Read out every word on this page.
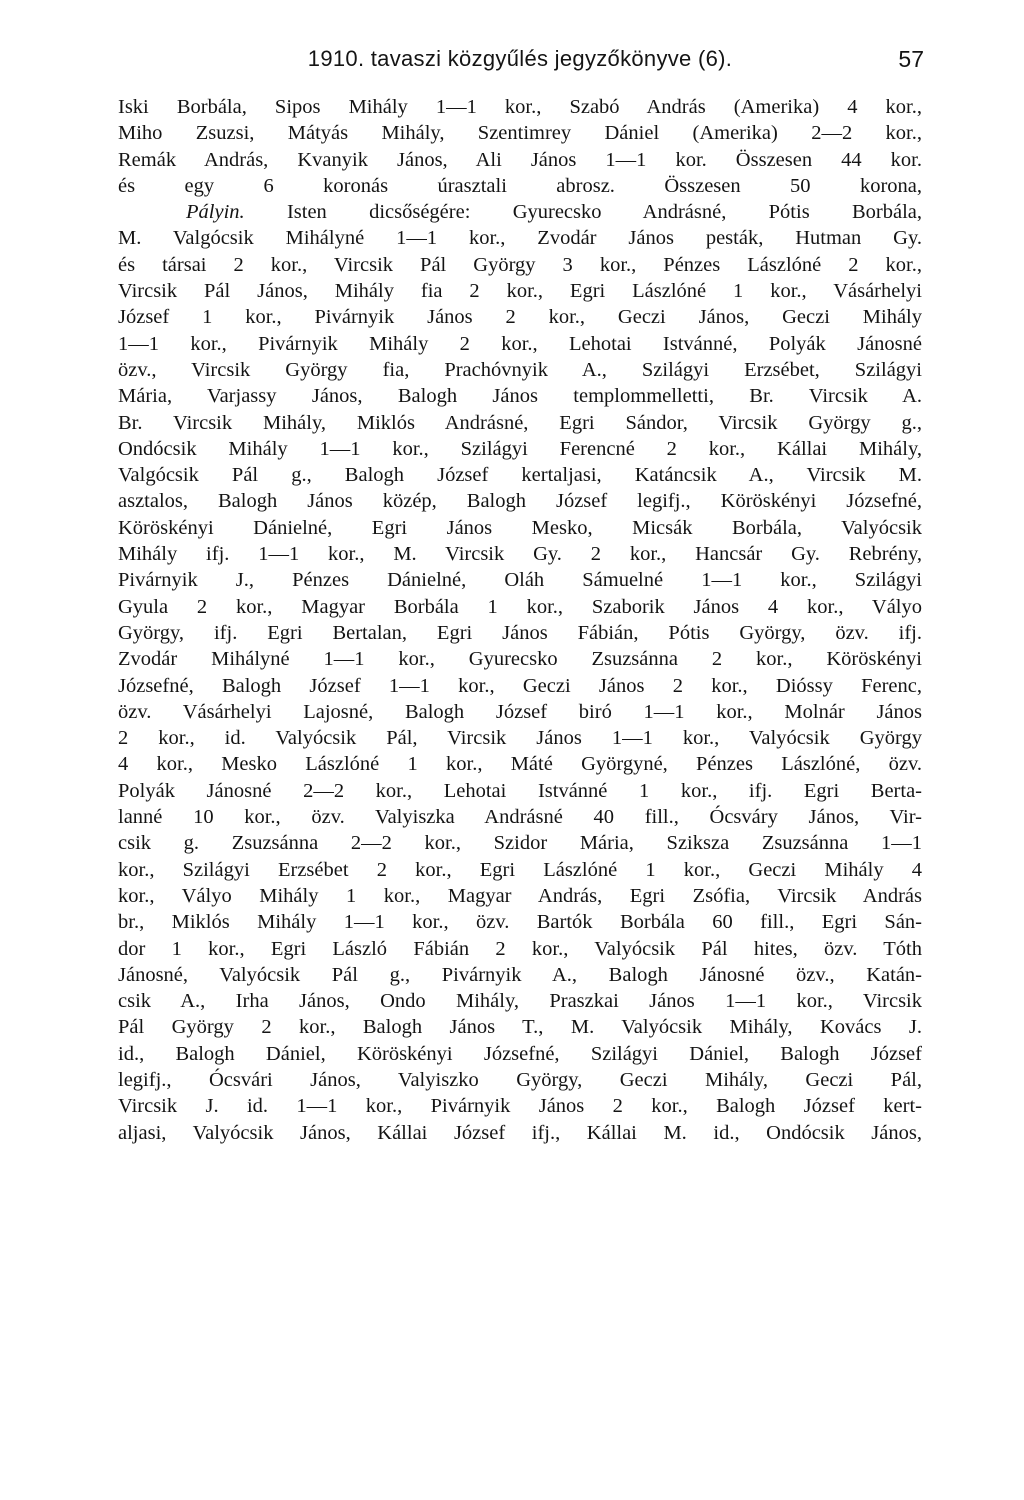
1910. tavaszi közgyűlés jegyzőkönyve (6).	57
Iski Borbála, Sipos Mihály 1—1 kor., Szabó András (Amerika) 4 kor.,
Miho Zsuzsi, Mátyás Mihály, Szentimrey Dániel (Amerika) 2—2 kor.,
Remák András, Kvanyik János, Ali János 1—1 kor. Összesen 44 kor.
és egy 6 koronás úrasztali abrosz. Összesen 50 korona,
Pályin. Isten dicsőségére: Gyurecsko Andrásné, Pótis Borbála,
M. Valgócsik Mihályné 1—1 kor., Zvodár János pesták, Hutman Gy.
és társai 2 kor., Vircsik Pál György 3 kor., Pénzes Lászlóné 2 kor.,
Vircsik Pál János, Mihály fia 2 kor., Egri Lászlóné 1 kor., Vásárhelyi
József 1 kor., Pivárnyik János 2 kor., Geczi János, Geczi Mihály
1—1 kor., Pivárnyik Mihály 2 kor., Lehotai Istvánné, Polyák Jánosné
özv., Vircsik György fia, Prachóvnyik A., Szilágyi Erzsébet, Szilágyi
Mária, Varjassy János, Balogh János templommelletti, Br. Vircsik A.
Br. Vircsik Mihály, Miklós Andrásné, Egri Sándor, Vircsik György g.,
Ondócsik Mihály 1—1 kor., Szilágyi Ferencné 2 kor., Kállai Mihály,
Valgócsik Pál g., Balogh József kertaljasi, Katáncsik A., Vircsik M.
asztalos, Balogh János közép, Balogh József legifj., Köröskényi Józsefné,
Köröskényi Dánielné, Egri János Mesko, Micsák Borbála, Valyócsik
Mihály ifj. 1—1 kor., M. Vircsik Gy. 2 kor., Hancsár Gy. Rebrény,
Pivárnyik J., Pénzes Dánielné, Oláh Sámuelné 1—1 kor., Szilágyi
Gyula 2 kor., Magyar Borbála 1 kor., Szaborik János 4 kor., Vályo
György, ifj. Egri Bertalan, Egri János Fábián, Pótis György, özv. ifj.
Zvodár Mihályné 1—1 kor., Gyurecsko Zsuzsánna 2 kor., Köröskényi
Józsefné, Balogh József 1—1 kor., Geczi János 2 kor., Dióssy Ferenc,
özv. Vásárhelyi Lajosné, Balogh József biró 1—1 kor., Molnár János
2 kor., id. Valyócsik Pál, Vircsik János 1—1 kor., Valyócsik György
4 kor., Mesko Lászlóné 1 kor., Máté Györgyné, Pénzes Lászlóné, özv.
Polyák Jánosné 2—2 kor., Lehotai Istvánné 1 kor., ifj. Egri Berta-
lanné 10 kor., özv. Valyiszka Andrásné 40 fill., Ócsváry János, Vir-
csik g. Zsuzsánna 2—2 kor., Szidor Mária, Sziksza Zsuzsánna 1—1
kor., Szilágyi Erzsébet 2 kor., Egri Lászlóné 1 kor., Geczi Mihály 4
kor., Vályo Mihály 1 kor., Magyar András, Egri Zsófia, Vircsik András
br., Miklós Mihály 1—1 kor., özv. Bartók Borbála 60 fill., Egri Sán-
dor 1 kor., Egri László Fábián 2 kor., Valyócsik Pál hites, özv. Tóth
Jánosné, Valyócsik Pál g., Pivárnyik A., Balogh Jánosné özv., Katán-
csik A., Irha János, Ondo Mihály, Praszkai János 1—1 kor., Vircsik
Pál György 2 kor., Balogh János T., M. Valyócsik Mihály, Kovács J.
id., Balogh Dániel, Köröskényi Józsefné, Szilágyi Dániel, Balogh József
legifj., Ócsvári János, Valyiszko György, Geczi Mihály, Geczi Pál,
Vircsik J. id. 1—1 kor., Pivárnyik János 2 kor., Balogh József kert-
aljasi, Valyócsik János, Kállai József ifj., Kállai M. id., Ondócsik János,
